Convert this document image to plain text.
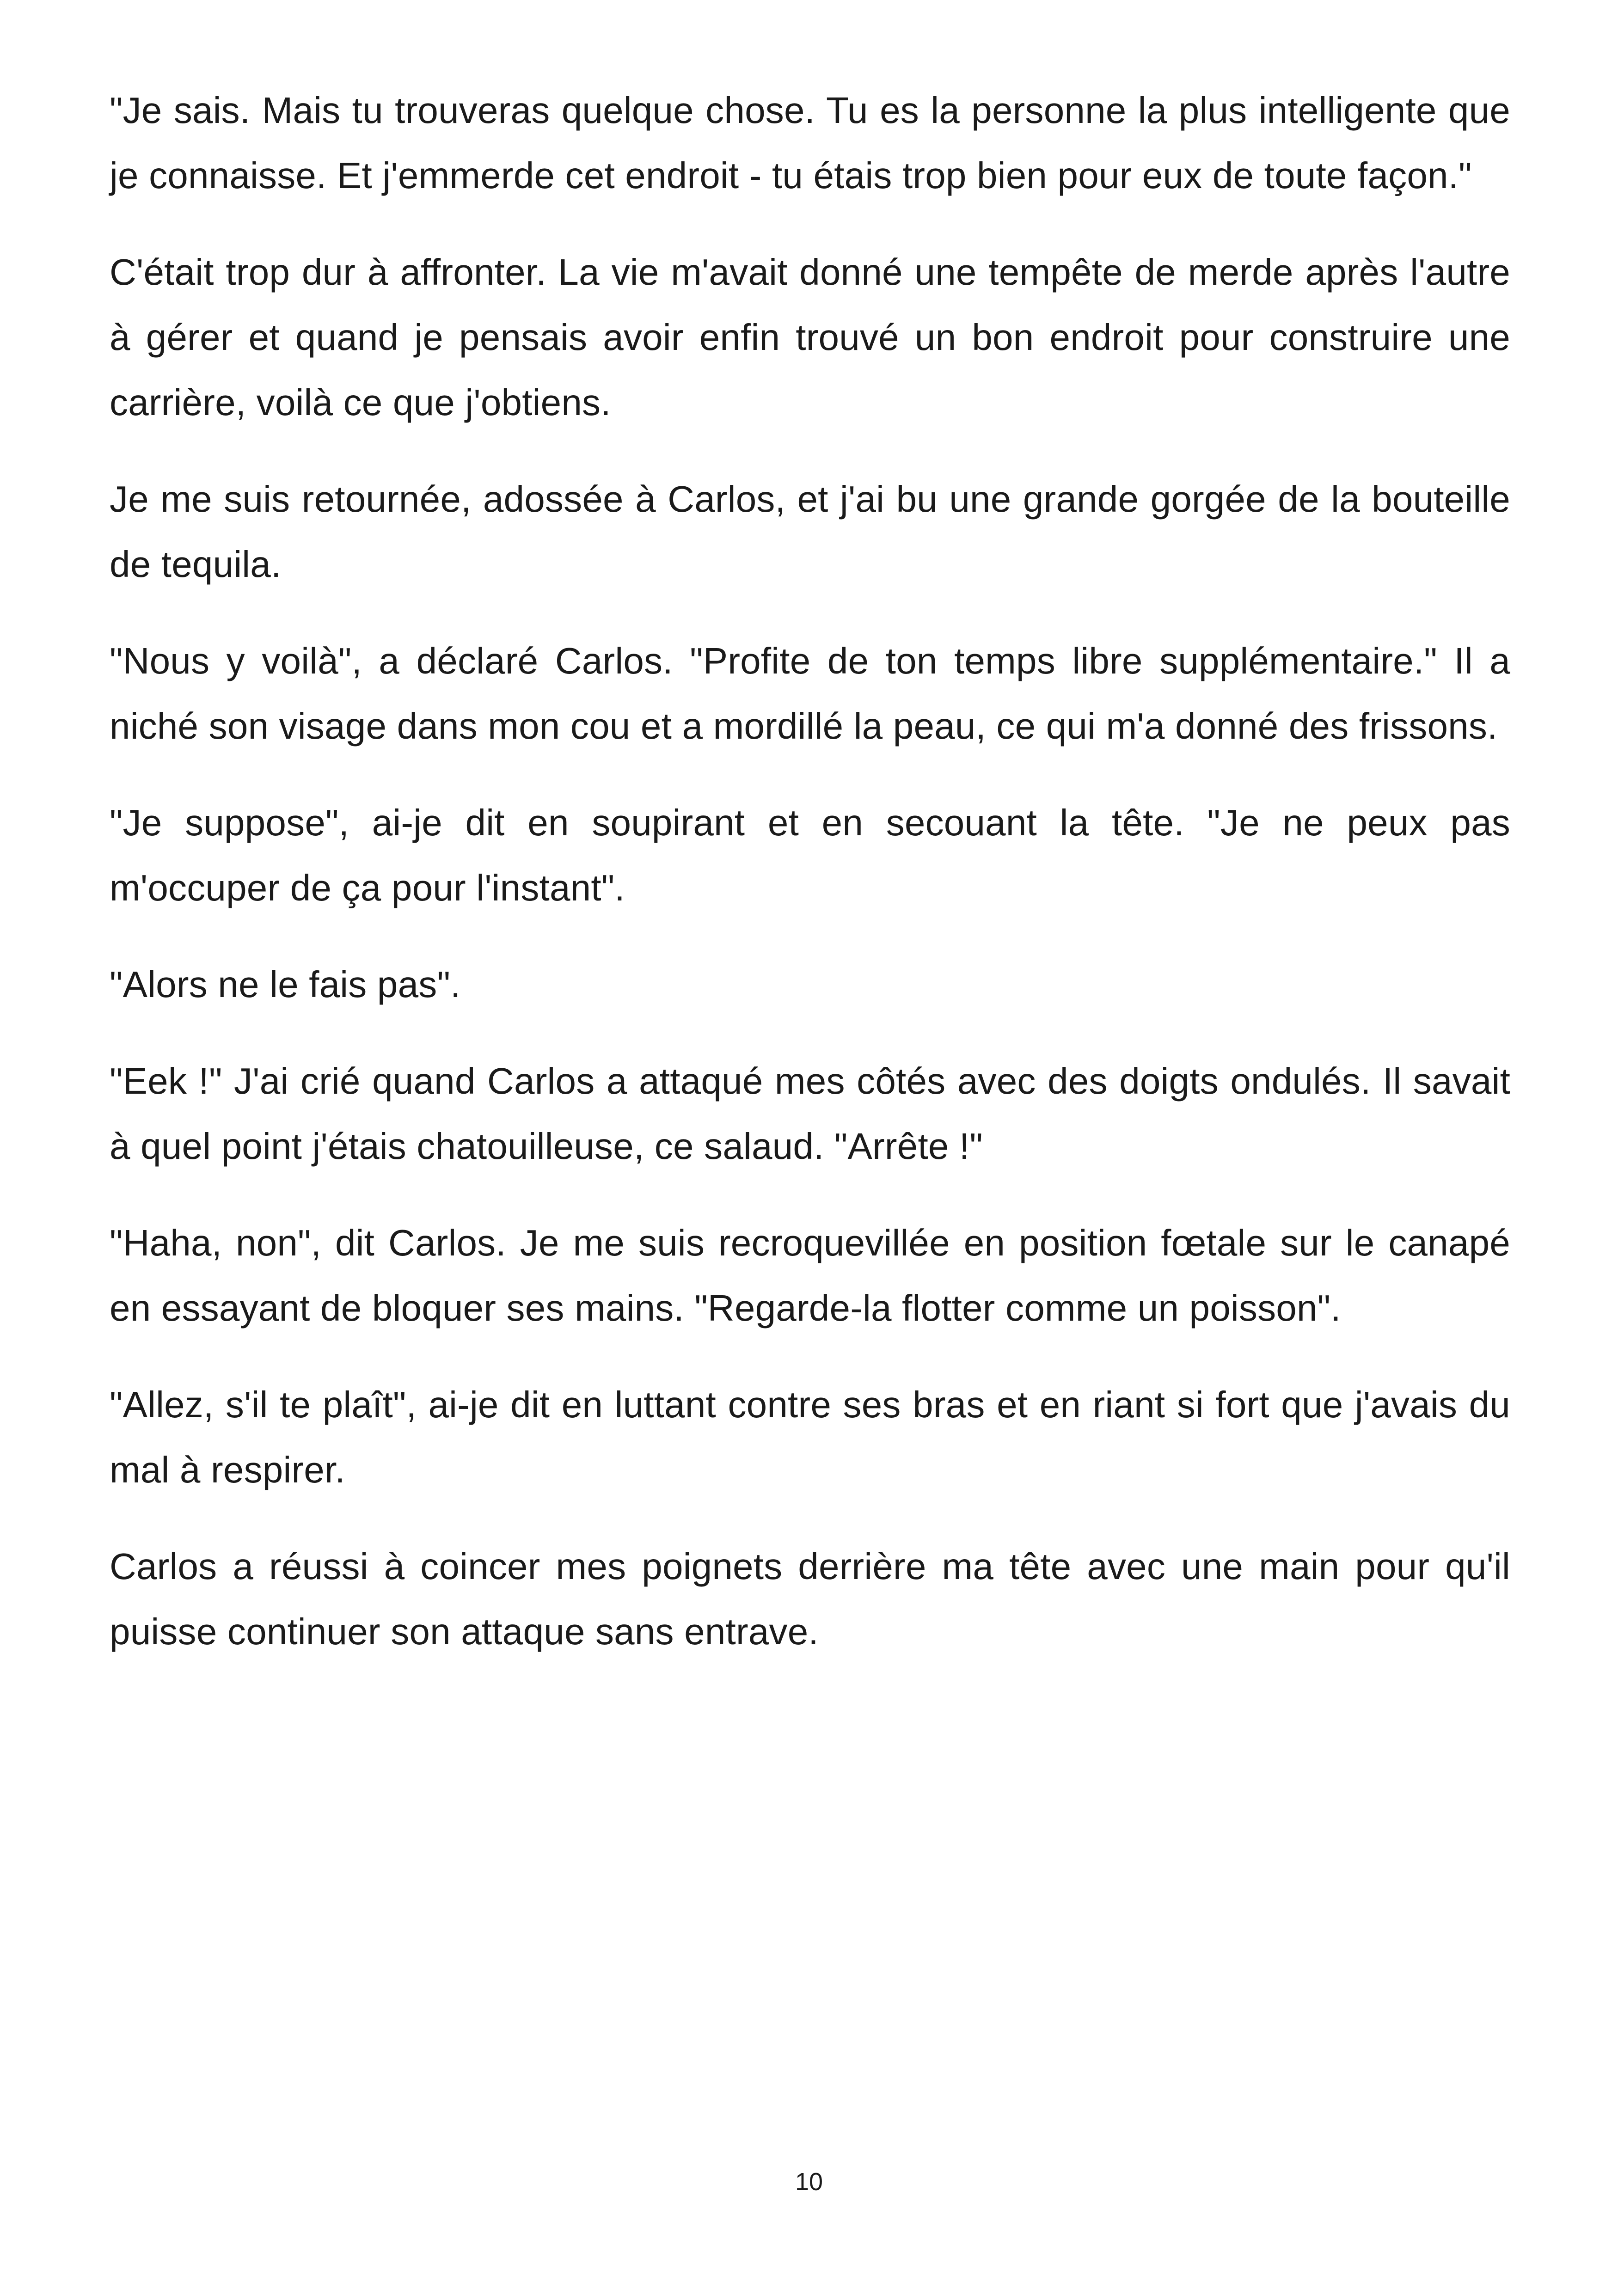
"Je sais. Mais tu trouveras quelque chose. Tu es la personne la plus intelligente que je connaisse. Et j'emmerde cet endroit - tu étais trop bien pour eux de toute façon."

C'était trop dur à affronter. La vie m'avait donné une tempête de merde après l'autre à gérer et quand je pensais avoir enfin trouvé un bon endroit pour construire une carrière, voilà ce que j'obtiens.

Je me suis retournée, adossée à Carlos, et j'ai bu une grande gorgée de la bouteille de tequila.

"Nous y voilà", a déclaré Carlos. "Profite de ton temps libre supplémentaire." Il a niché son visage dans mon cou et a mordillé la peau, ce qui m'a donné des frissons.

"Je suppose", ai-je dit en soupirant et en secouant la tête. "Je ne peux pas m'occuper de ça pour l'instant".

"Alors ne le fais pas".

"Eek !" J'ai crié quand Carlos a attaqué mes côtés avec des doigts ondulés. Il savait à quel point j'étais chatouilleuse, ce salaud. "Arrête !"

"Haha, non", dit Carlos. Je me suis recroquevillée en position fœtale sur le canapé en essayant de bloquer ses mains. "Regarde-la flotter comme un poisson".

"Allez, s'il te plaît", ai-je dit en luttant contre ses bras et en riant si fort que j'avais du mal à respirer.

Carlos a réussi à coincer mes poignets derrière ma tête avec une main pour qu'il puisse continuer son attaque sans entrave.

10
